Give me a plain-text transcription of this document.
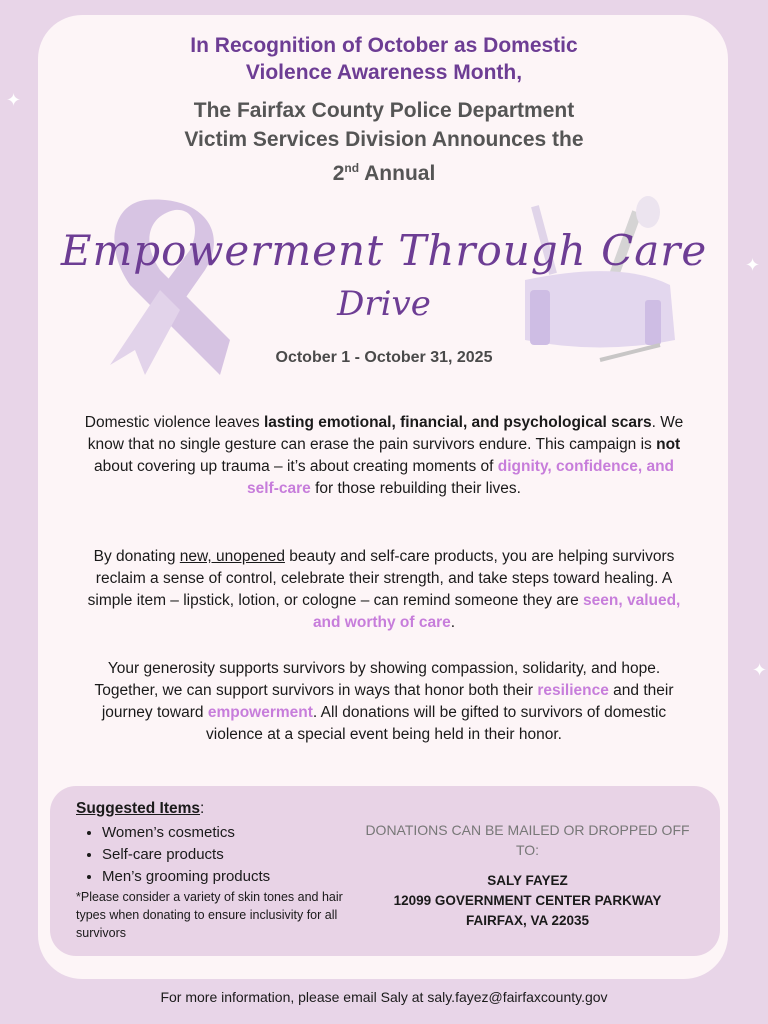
✦
✦
✦
In Recognition of October as Domestic
Violence Awareness Month,
The Fairfax County Police Department
Victim Services Division Announces the
2nd Annual
Empowerment Through Care
Drive
October 1 - October 31, 2025
Domestic violence leaves lasting emotional, financial, and psychological scars. We know that no single gesture can erase the pain survivors endure. This campaign is not about covering up trauma – it’s about creating moments of dignity, confidence, and self-care for those rebuilding their lives.
By donating new, unopened beauty and self-care products, you are helping survivors reclaim a sense of control, celebrate their strength, and take steps toward healing. A simple item – lipstick, lotion, or cologne – can remind someone they are seen, valued, and worthy of care.
Your generosity supports survivors by showing compassion, solidarity, and hope. Together, we can support survivors in ways that honor both their resilience and their journey toward empowerment. All donations will be gifted to survivors of domestic violence at a special event being held in their honor.
Suggested Items:
• Women’s cosmetics
• Self-care products
• Men’s grooming products
*Please consider a variety of skin tones and hair types when donating to ensure inclusivity for all survivors
DONATIONS CAN BE MAILED OR DROPPED OFF TO:
SALY FAYEZ
12099 GOVERNMENT CENTER PARKWAY
FAIRFAX, VA 22035
For more information, please email Saly at saly.fayez@fairfaxcounty.gov
